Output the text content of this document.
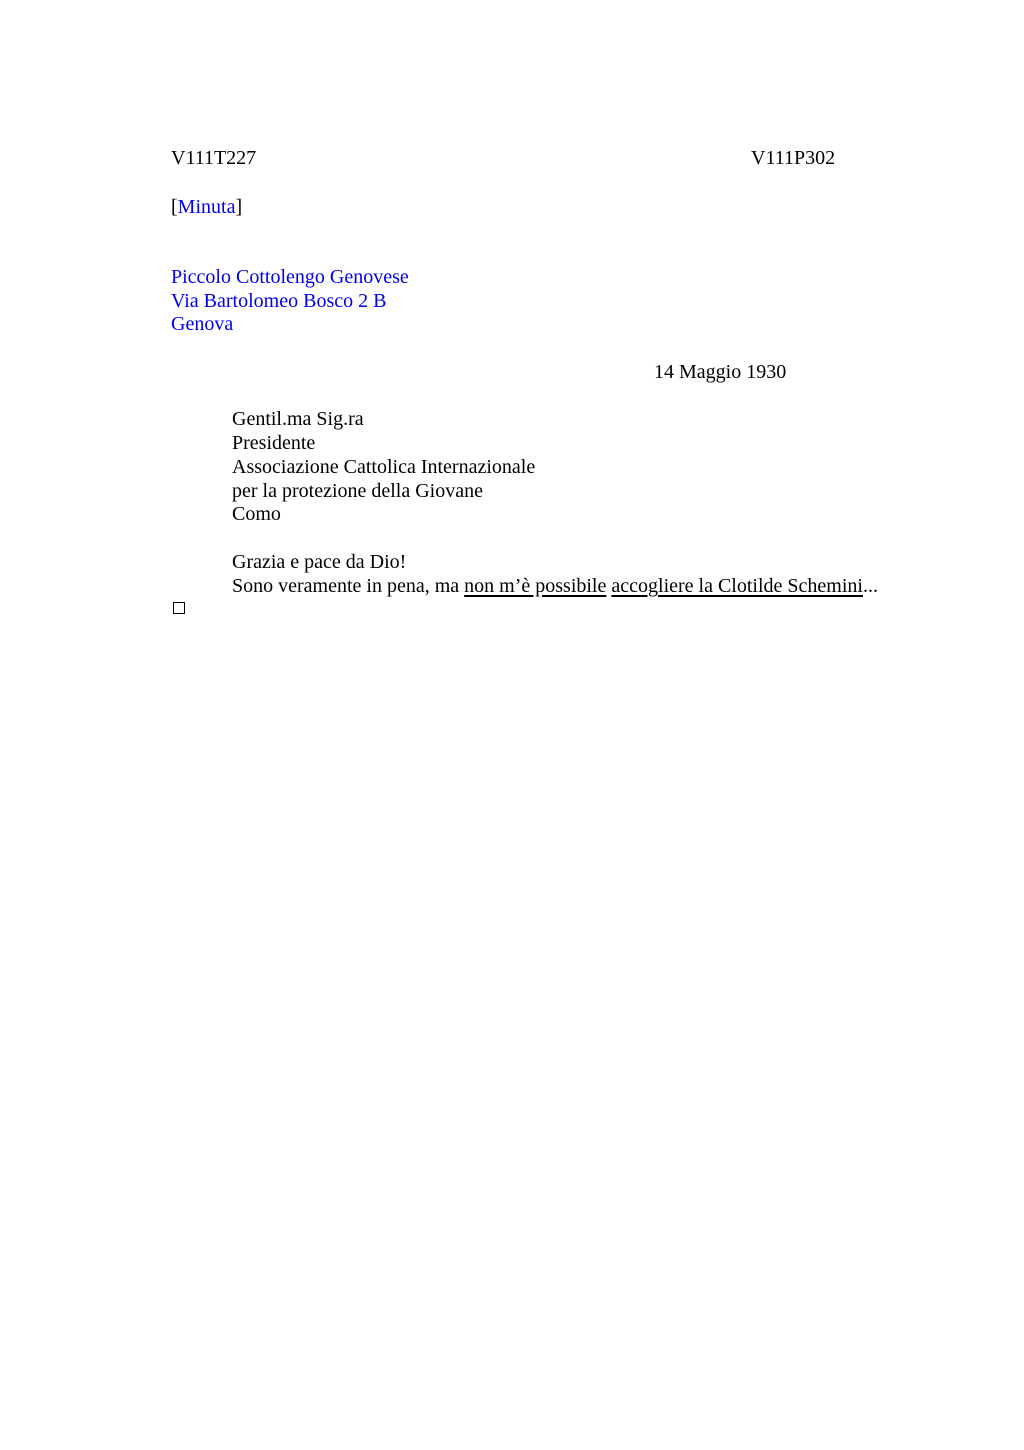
V111T227	V111P302
[Minuta]
Piccolo Cottolengo Genovese
Via Bartolomeo Bosco 2 B
Genova
14 Maggio 1930
Gentil.ma Sig.ra
Presidente
Associazione Cattolica Internazionale
per la protezione della Giovane
Como
Grazia e pace da Dio!
Sono veramente in pena, ma non m’è possibile accogliere la Clotilde Schemini...
